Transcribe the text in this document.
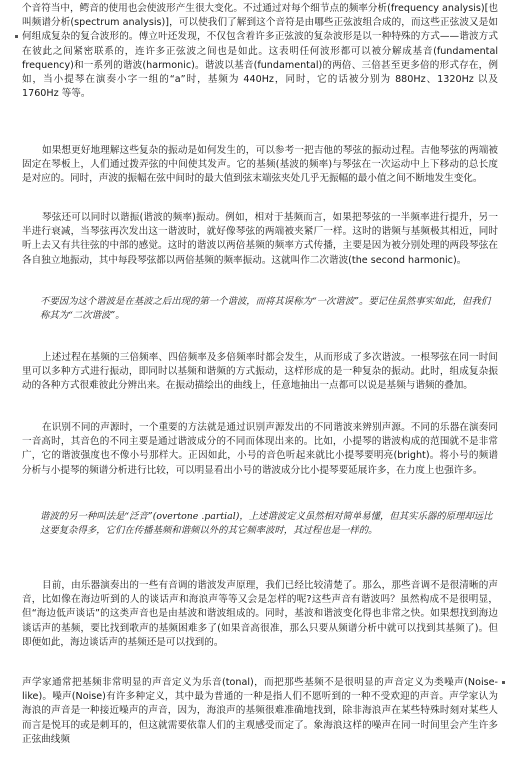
个音符当中，鳄音的使用也会使波形产生很大变化。不过通过对每个细节点的频率分析(frequency analysis)[也叫频谱分析(spectrum analysis)]，可以使我们了解到这个音符是由哪些正弦波组合成的，而这些正弦波又是如何组成复杂的复合波形的。傅立叶还发现，不仅包含着许多正弦波的复杂波形是以一种特殊的方式——谐波方式在彼此之间紧密联系的，连许多正弦波之间也是如此。这表明任何波形都可以被分解成基音(fundamental frequency)和一系列的谐波(harmonic)。谐波以基音(fundamental)的两倍、三倍甚至更多倍的形式存在，例如，当小提琴在演奏小字一组的“a”时，基频为 440Hz，同时，它的话被分别为 880Hz、1320Hz 以及 1760Hz 等等。

如果想更好地理解这些复杂的振动是如何发生的，可以参考一把吉他的琴弦的振动过程。吉他琴弦的两端被固定在琴板上，人们通过拨弄弦的中间使其发声。它的基频(基波的频率)与琴弦在一次运动中上下移动的总长度是对应的。同时，声波的振幅在弦中间时的最大值到弦末端弦夹处几乎无振幅的最小值之间不断地发生变化。

琴弦还可以同时以谐振(谐波的频率)振动。例如，相对于基频而言，如果把琴弦的一半频率进行提升，另一半进行衰减，当琴弦再次发出这一谐波时，就好像琴弦的两端被夹紧厂一样。这时的谐频与基频极其相近，同时听上去又有共往弦的中部的感觉。这时的谐波以两倍基频的频率方式传播，主要是因为被分别处理的两段琴弦在各自独立地振动，其中每段琴弦都以两倍基频的频率振动。这就叫作二次谐波(the second harmonic)。

不要因为这个谐波是在基波之后出现的第一个谐波，而将其误称为“一次谐波”。要记住虽然事实如此，但我们称其为“二次谐波”。

上述过程在基频的三倍频率、四倍频率及多倍频率时都会发生，从而形成了多次谐波。一根琴弦在同一时间里可以多种方式进行振动，即同时以基频和谐频的方式振动，这样形成的是一种复杂的振动。此时，组成复杂振动的各种方式很难彼此分辨出来。在振动描绘出的曲线上，任意地抽出一点都可以说是基频与谐频的叠加。

在识别不同的声源时，一个重要的方法就是通过识别声源发出的不同谐波来辨别声源。不同的乐器在演奏同一音高时，其音色的不同主要是通过谐波成分的不同而体现出来的。比如，小提琴的谐波构成的范围就不是非常广，它的谐波强度也不像小号那样大。正因如此，小号的音色听起来就比小提琴要明亮(bright)。将小号的频谱分析与小提琴的频谱分析进行比较，可以明显看出小号的谐波成分比小提琴要延展许多，在力度上也强许多。

谐波的另一种叫法是“泛音”(overtone .partial)，上述谐波定义虽然相对简单易懂，但其实乐器的原理却远比这要复杂得多，它们在传播基频和谐频以外的其它频率波时，其过程也是一样的。

目前，由乐器演奏出的一些有音调的谐波发声原理，我们已经比较清楚了。那么，那些音调不是很清晰的声音，比如像在海边听到的人的谈话声和海浪声等等又会是怎样的呢?这些声音有谐波吗？虽然构成不是很明显，但“海边低声谈话”的这类声音也是由基波和谐波组成的。同时，基波和谐波变化得也非常之快。如果想找到海边谈话声的基频，要比找到歌声的基频困难多了(如果音高很准，那么只要从频谱分析中就可以找到其基频了)。但即便如此，海边谈话声的基频还是可以找到的。

声学家通常把基频非常明显的声音定义为乐音(tonal)，而把那些基频不是很明显的声音定义为类噪声(Noise-like)。噪声(Noise)有许多种定义，其中最为普通的一种是指人们不愿听到的一种不受欢迎的声音。声学家认为海浪的声音是一种接近噪声的声音，因为，海浪声的基频很难准确地找到，除非海浪声在某些特殊时刻对某些人而言是悦耳的或是刺耳的，但这就需要依靠人们的主观感受而定了。象海浪这样的噪声在同一时间里会产生许多正弦曲线频
